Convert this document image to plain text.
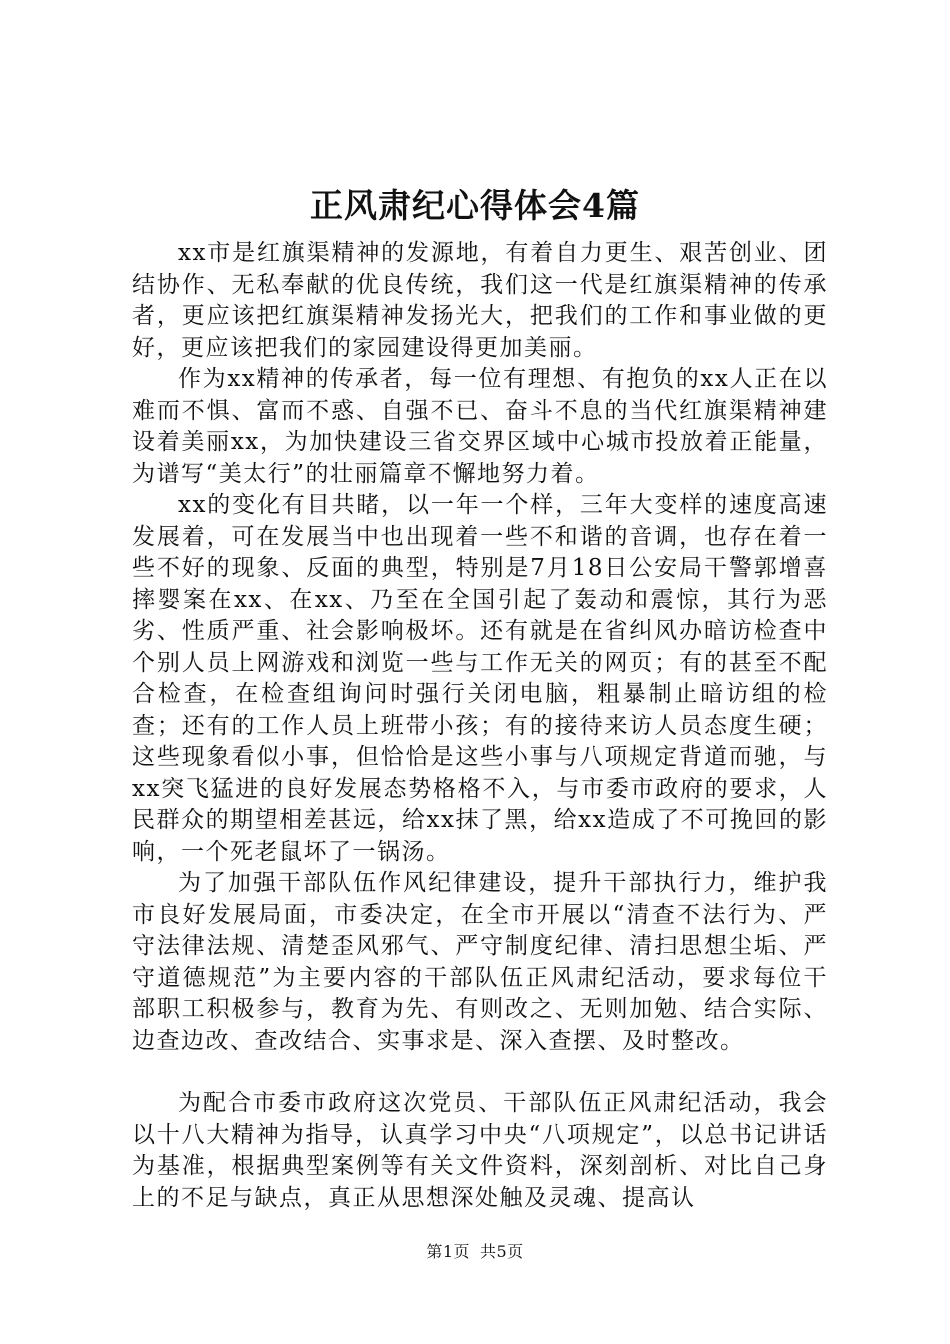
正风肃纪心得体会4篇

xx市是红旗渠精神的发源地，有着自力更生、艰苦创业、团结协作、无私奉献的优良传统，我们这一代是红旗渠精神的传承者，更应该把红旗渠精神发扬光大，把我们的工作和事业做的更好，更应该把我们的家园建设得更加美丽。

作为xx精神的传承者，每一位有理想、有抱负的xx人正在以难而不惧、富而不惑、自强不已、奋斗不息的当代红旗渠精神建设着美丽xx，为加快建设三省交界区域中心城市投放着正能量，为谱写“美太行”的壮丽篇章不懈地努力着。

xx的变化有目共睹，以一年一个样，三年大变样的速度高速发展着，可在发展当中也出现着一些不和谐的音调，也存在着一些不好的现象、反面的典型，特别是7月18日公安局干警郭增喜摔婴案在xx、在xx、乃至在全国引起了轰动和震惊，其行为恶劣、性质严重、社会影响极坏。还有就是在省纠风办暗访检查中个别人员上网游戏和浏览一些与工作无关的网页；有的甚至不配合检查，在检查组询问时强行关闭电脑，粗暴制止暗访组的检查；还有的工作人员上班带小孩；有的接待来访人员态度生硬；这些现象看似小事，但恰恰是这些小事与八项规定背道而驰，与xx突飞猛进的良好发展态势格格不入，与市委市政府的要求，人民群众的期望相差甚远，给xx抹了黑，给xx造成了不可挽回的影响，一个死老鼠坏了一锅汤。

为了加强干部队伍作风纪律建设，提升干部执行力，维护我市良好发展局面，市委决定，在全市开展以“清查不法行为、严守法律法规、清楚歪风邪气、严守制度纪律、清扫思想尘垢、严守道德规范”为主要内容的干部队伍正风肃纪活动，要求每位干部职工积极参与，教育为先、有则改之、无则加勉、结合实际、边查边改、查改结合、实事求是、深入查摆、及时整改。

为配合市委市政府这次党员、干部队伍正风肃纪活动，我会以十八大精神为指导，认真学习中央“八项规定”，以总书记讲话为基准，根据典型案例等有关文件资料，深刻剖析、对比自己身上的不足与缺点，真正从思想深处触及灵魂、提高认

第1页 共5页
